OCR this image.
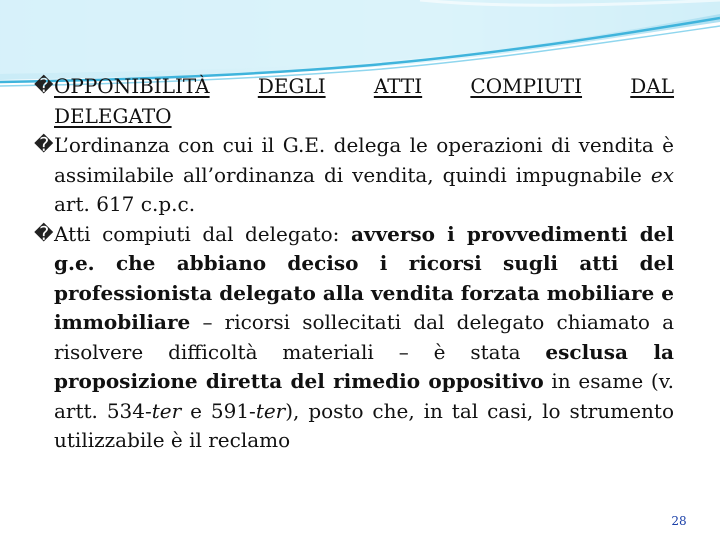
� OPPONIBILITÀ DEGLI ATTI COMPIUTI DAL
DELEGATO

� L’ordinanza con cui il G.E. delega le operazioni di vendita è assimilabile all’ordinanza di vendita, quindi impugnabile ex art. 617 c.p.c.

� Atti compiuti dal delegato: avverso i provvedimenti del g.e. che abbiano deciso i ricorsi sugli atti del professionista delegato alla vendita forzata mobiliare e immobiliare – ricorsi sollecitati dal delegato chiamato a risolvere difficoltà materiali – è stata esclusa la proposizione diretta del rimedio oppositivo in esame (v. artt. 534-ter e 591-ter), posto che, in tal casi, lo strumento utilizzabile è il reclamo

28
